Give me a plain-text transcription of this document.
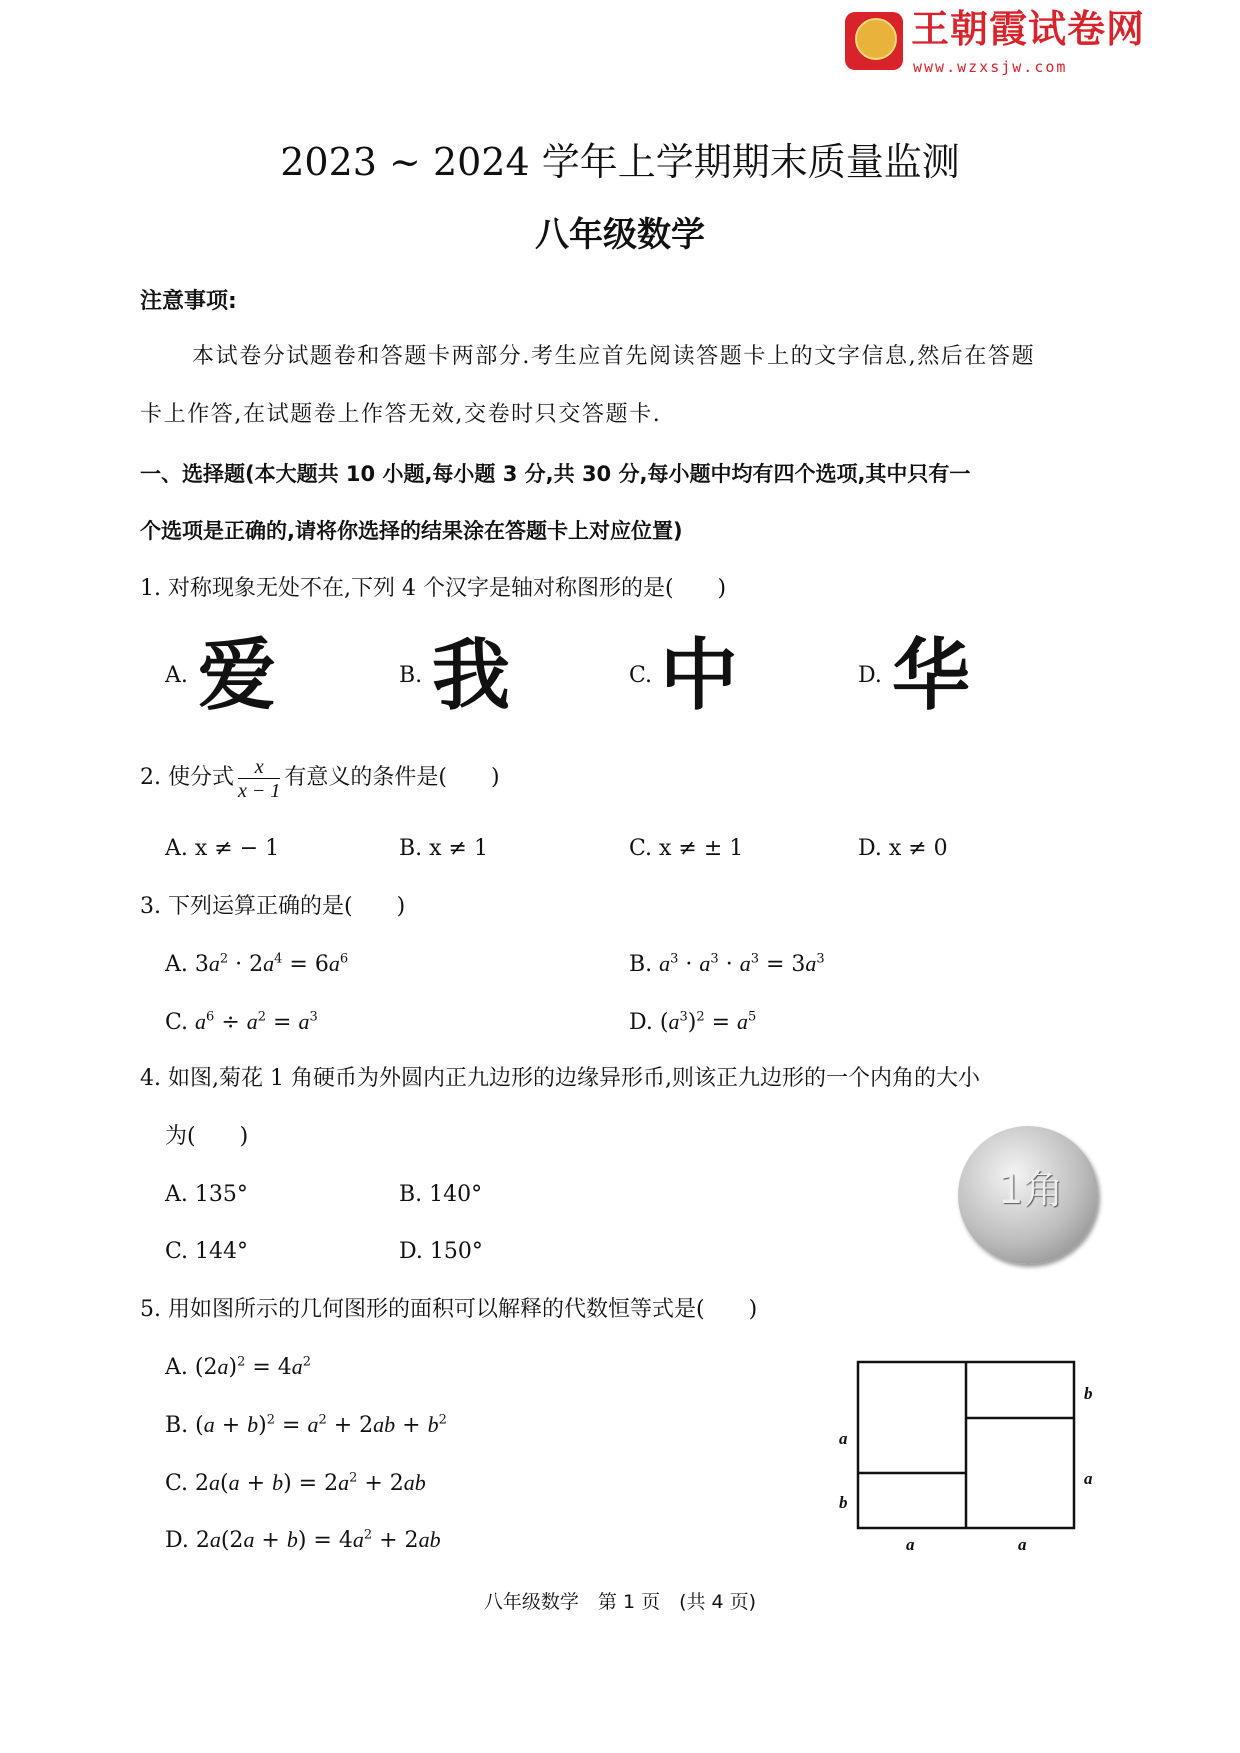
王朝霞试卷网
www.wzxsjw.com
2023 ~ 2024 学年上学期期末质量监测
八年级数学
注意事项:
本试卷分试题卷和答题卡两部分.考生应首先阅读答题卡上的文字信息,然后在答题
卡上作答,在试题卷上作答无效,交卷时只交答题卡.
一、选择题(本大题共 10 小题,每小题 3 分,共 30 分,每小题中均有四个选项,其中只有一
个选项是正确的,请将你选择的结果涂在答题卡上对应位置)
1. 对称现象无处不在,下列 4 个汉字是轴对称图形的是(　　)
A. 爱	B. 我	C. 中	D. 华
2. 使分式 $\frac{x}{x - 1}$ 有意义的条件是(　　)
A. x ≠ − 1	B. x ≠ 1	C. x ≠ ± 1	D. x ≠ 0
3. 下列运算正确的是(　　)
A. $3a^2 \cdot 2a^4 = 6a^6$	B. $a^3 \cdot a^3 \cdot a^3 = 3a^3$
C. $a^6 \div a^2 = a^3$	D. $(a^3)^2 = a^5$
4. 如图,菊花 1 角硬币为外圆内正九边形的边缘异形币,则该正九边形的一个内角的大小
为(　　)
A. 135°	B. 140°
C. 144°	D. 150°
1角
5. 用如图所示的几何图形的面积可以解释的代数恒等式是(　　)
A. $(2a)^2 = 4a^2$
B. $(a + b)^2 = a^2 + 2ab + b^2$
C. $2a(a + b) = 2a^2 + 2ab$
D. $2a(2a + b) = 4a^2 + 2ab$
a
b
b
a
a	a
八年级数学　第 1 页　(共 4 页)
